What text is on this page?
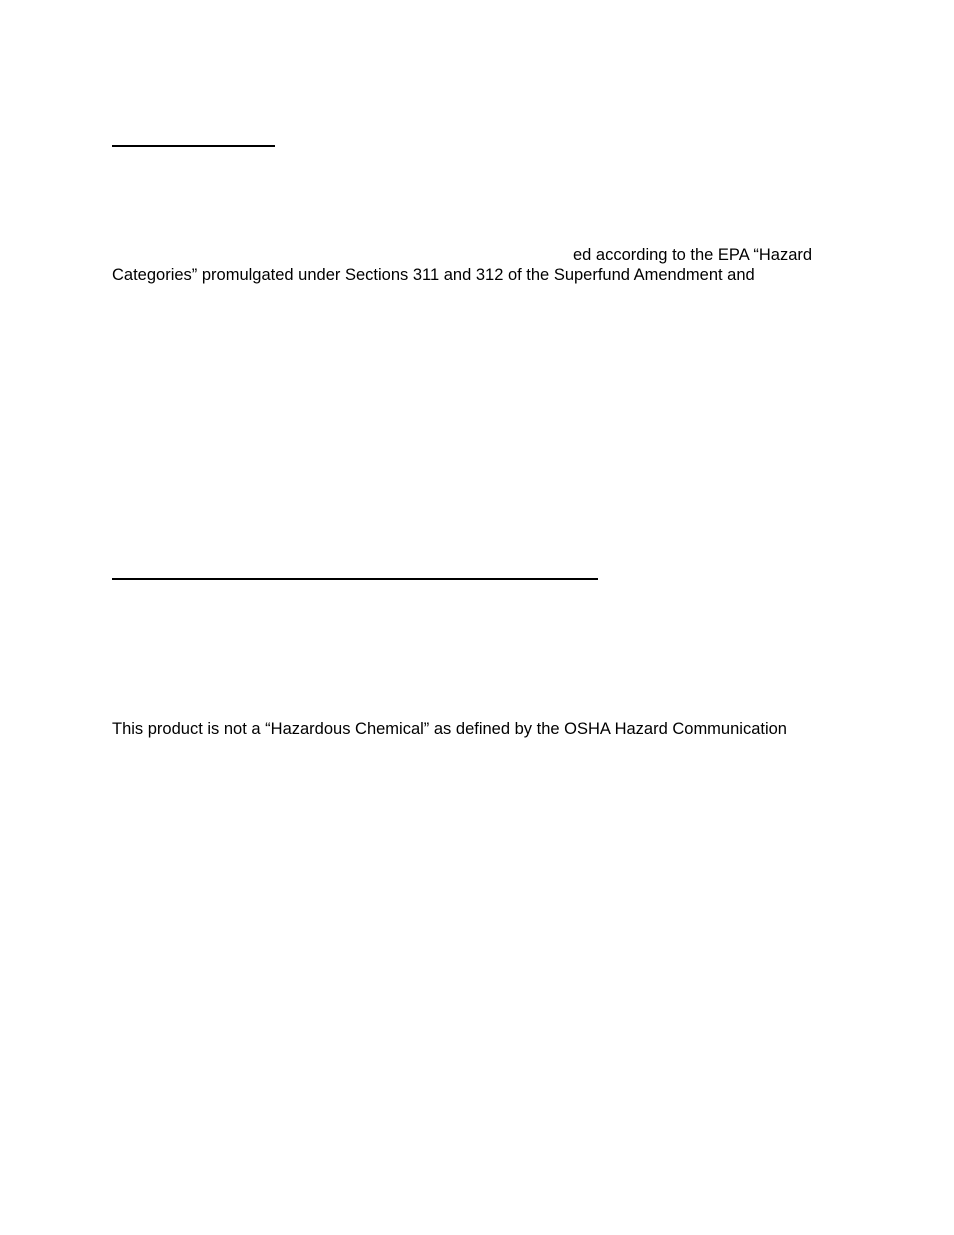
ed according to the EPA “Hazard
Categories” promulgated under Sections 311 and 312 of the Superfund Amendment and
This product is not a “Hazardous Chemical” as defined by the OSHA Hazard Communication
